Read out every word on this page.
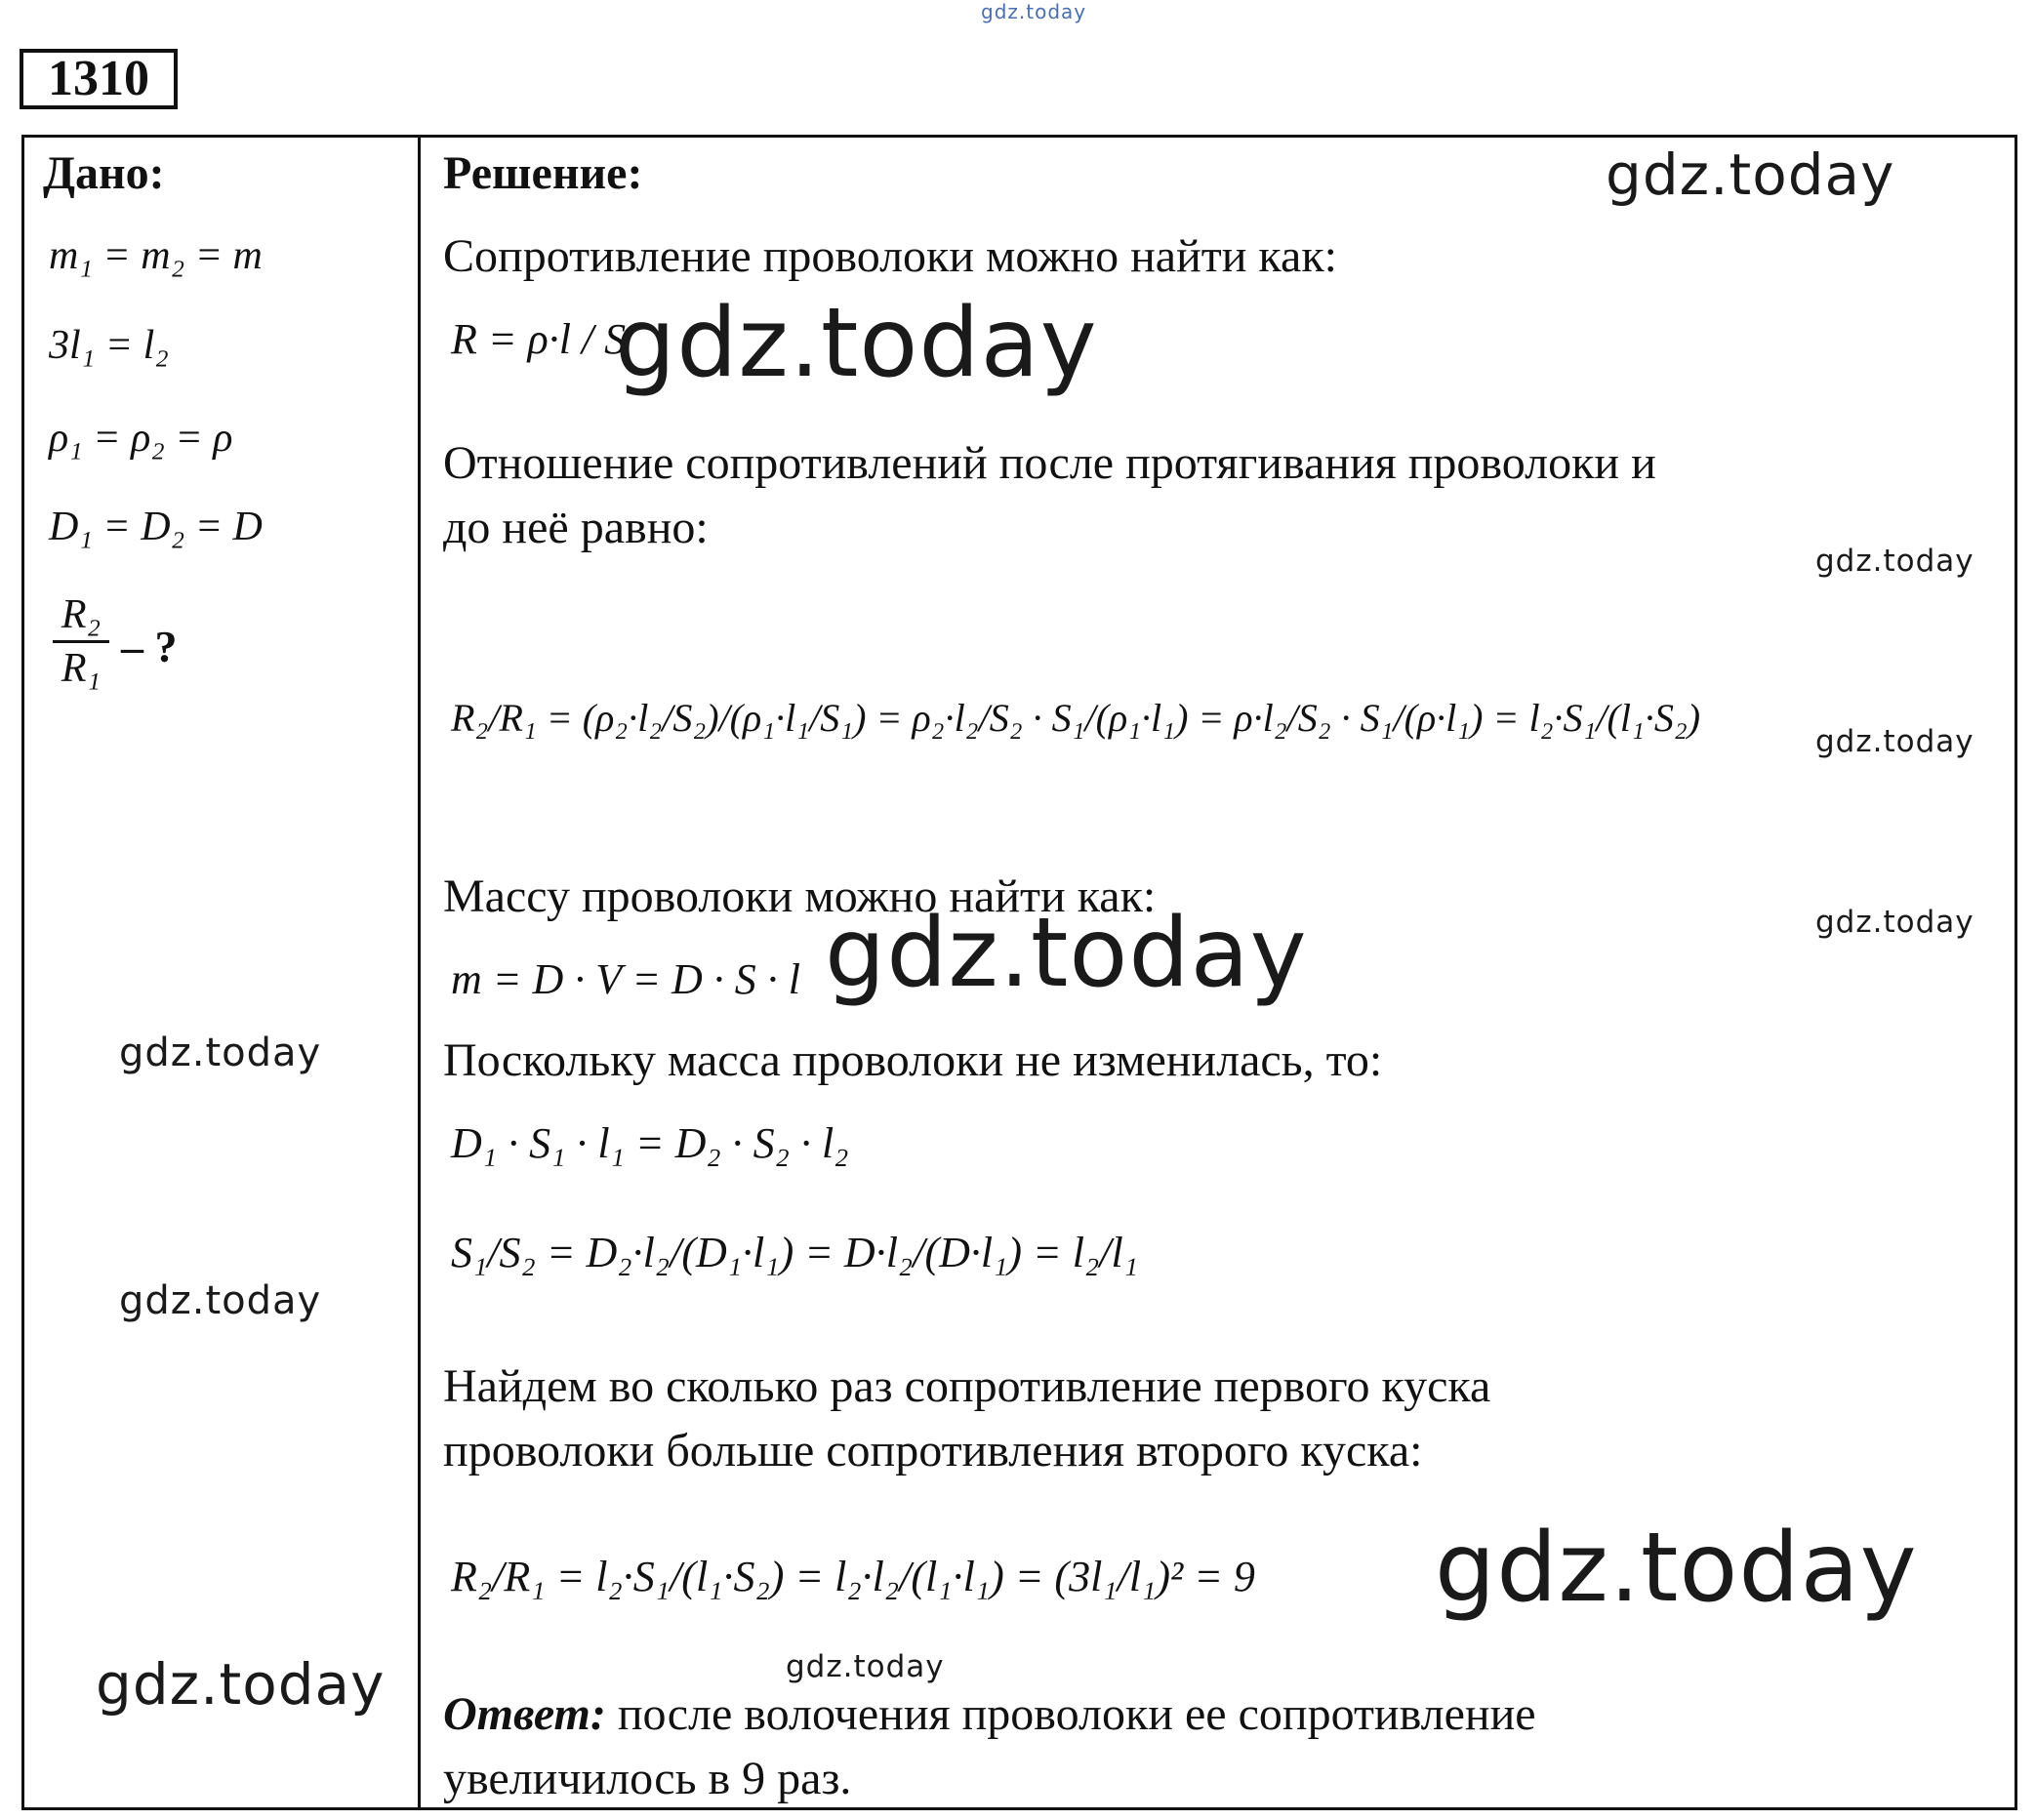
gdz.today
1310
Дано:
m₁ = m₂ = m
3l₁ = l₂
ρ₁ = ρ₂ = ρ
D₁ = D₂ = D
R₂
R₁ – ?
Решение:
Сопротивление проволоки можно найти как:
R = ρ·l / S
Отношение сопротивлений после протягивания проволоки и
до неё равно:
R₂/R₁ = (ρ₂·l₂/S₂)/(ρ₁·l₁/S₁) = ρ₂·l₂/S₂ · S₁/(ρ₁·l₁) = ρ·l₂/S₂ · S₁/(ρ·l₁) = l₂·S₁/(l₁·S₂)
Массу проволоки можно найти как:
m = D · V = D · S · l
Поскольку масса проволоки не изменилась, то:
D₁ · S₁ · l₁ = D₂ · S₂ · l₂
S₁/S₂ = D₂·l₂/(D₁·l₁) = D·l₂/(D·l₁) = l₂/l₁
Найдем во сколько раз сопротивление первого куска
проволоки больше сопротивления второго куска:
R₂/R₁ = l₂·S₁/(l₁·S₂) = l₂·l₂/(l₁·l₁) = (3l₁/l₁)² = 9
Ответ: после волочения проволоки ее сопротивление
увеличилось в 9 раз.
gdz.today
gdz.today
gdz.today
gdz.today
gdz.today
gdz.today
gdz.today
gdz.today
gdz.today
gdz.today
gdz.today
